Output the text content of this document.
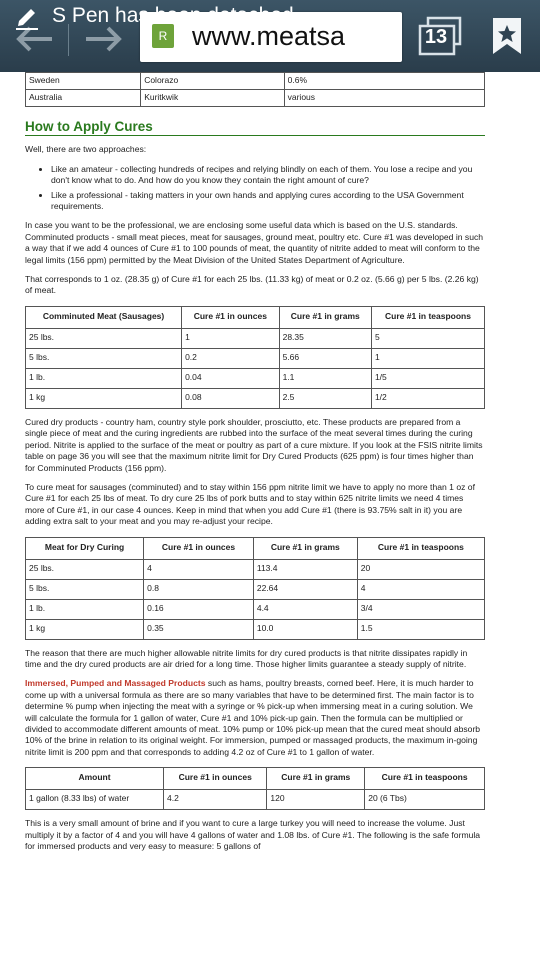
R www.meatsa	13
S Pen has been detached
Sweden	Colorazo	0.6%
Australia	Kuritkwik	various
How to Apply Cures

Well, there are two approaches:

• Like an amateur - collecting hundreds of recipes and relying blindly on each of them. You lose a recipe and you don't know what to do. And how do you know they contain the right amount of cure?
• Like a professional - taking matters in your own hands and applying cures according to the USA Government requirements.

In case you want to be the professional, we are enclosing some useful data which is based on the U.S. standards. Comminuted products - small meat pieces, meat for sausages, ground meat, poultry etc. Cure #1 was developed in such a way that if we add 4 ounces of Cure #1 to 100 pounds of meat, the quantity of nitrite added to meat will conform to the legal limits (156 ppm) permitted by the Meat Division of the United States Department of Agriculture.

That corresponds to 1 oz. (28.35 g) of Cure #1 for each 25 lbs. (11.33 kg) of meat or 0.2 oz. (5.66 g) per 5 lbs. (2.26 kg) of meat.

Comminuted Meat (Sausages)	Cure #1 in ounces	Cure #1 in grams	Cure #1 in teaspoons
25 lbs.	1	28.35	5
5 lbs.	0.2	5.66	1
1 lb.	0.04	1.1	1/5
1 kg	0.08	2.5	1/2

Cured dry products - country ham, country style pork shoulder, prosciutto, etc. These products are prepared from a single piece of meat and the curing ingredients are rubbed into the surface of the meat several times during the curing period. Nitrite is applied to the surface of the meat or poultry as part of a cure mixture. If you look at the FSIS nitrite limits table on page 36 you will see that the maximum nitrite limit for Dry Cured Products (625 ppm) is four times higher than for Comminuted Products (156 ppm).

To cure meat for sausages (comminuted) and to stay within 156 ppm nitrite limit we have to apply no more than 1 oz of Cure #1 for each 25 lbs of meat. To dry cure 25 lbs of pork butts and to stay within 625 nitrite limits we need 4 times more of Cure #1, in our case 4 ounces. Keep in mind that when you add Cure #1 (there is 93.75% salt in it) you are adding extra salt to your meat and you may re-adjust your recipe.

Meat for Dry Curing	Cure #1 in ounces	Cure #1 in grams	Cure #1 in teaspoons
25 lbs.	4	113.4	20
5 lbs.	0.8	22.64	4
1 lb.	0.16	4.4	3/4
1 kg	0.35	10.0	1.5

The reason that there are much higher allowable nitrite limits for dry cured products is that nitrite dissipates rapidly in time and the dry cured products are air dried for a long time. Those higher limits guarantee a steady supply of nitrite.

Immersed, Pumped and Massaged Products such as hams, poultry breasts, corned beef. Here, it is much harder to come up with a universal formula as there are so many variables that have to be determined first. The main factor is to determine % pump when injecting the meat with a syringe or % pick-up when immersing meat in a curing solution. We will calculate the formula for 1 gallon of water, Cure #1 and 10% pick-up gain. Then the formula can be multiplied or divided to accommodate different amounts of meat. 10% pump or 10% pick-up mean that the cured meat should absorb 10% of the brine in relation to its original weight. For immersion, pumped or massaged products, the maximum in-going nitrite limit is 200 ppm and that corresponds to adding 4.2 oz of Cure #1 to 1 gallon of water.

Amount	Cure #1 in ounces	Cure #1 in grams	Cure #1 in teaspoons
1 gallon (8.33 lbs) of water	4.2	120	20 (6 Tbs)

This is a very small amount of brine and if you want to cure a large turkey you will need to increase the volume. Just multiply it by a factor of 4 and you will have 4 gallons of water and 1.08 lbs. of Cure #1. The following is the safe formula for immersed products and very easy to measure: 5 gallons of
